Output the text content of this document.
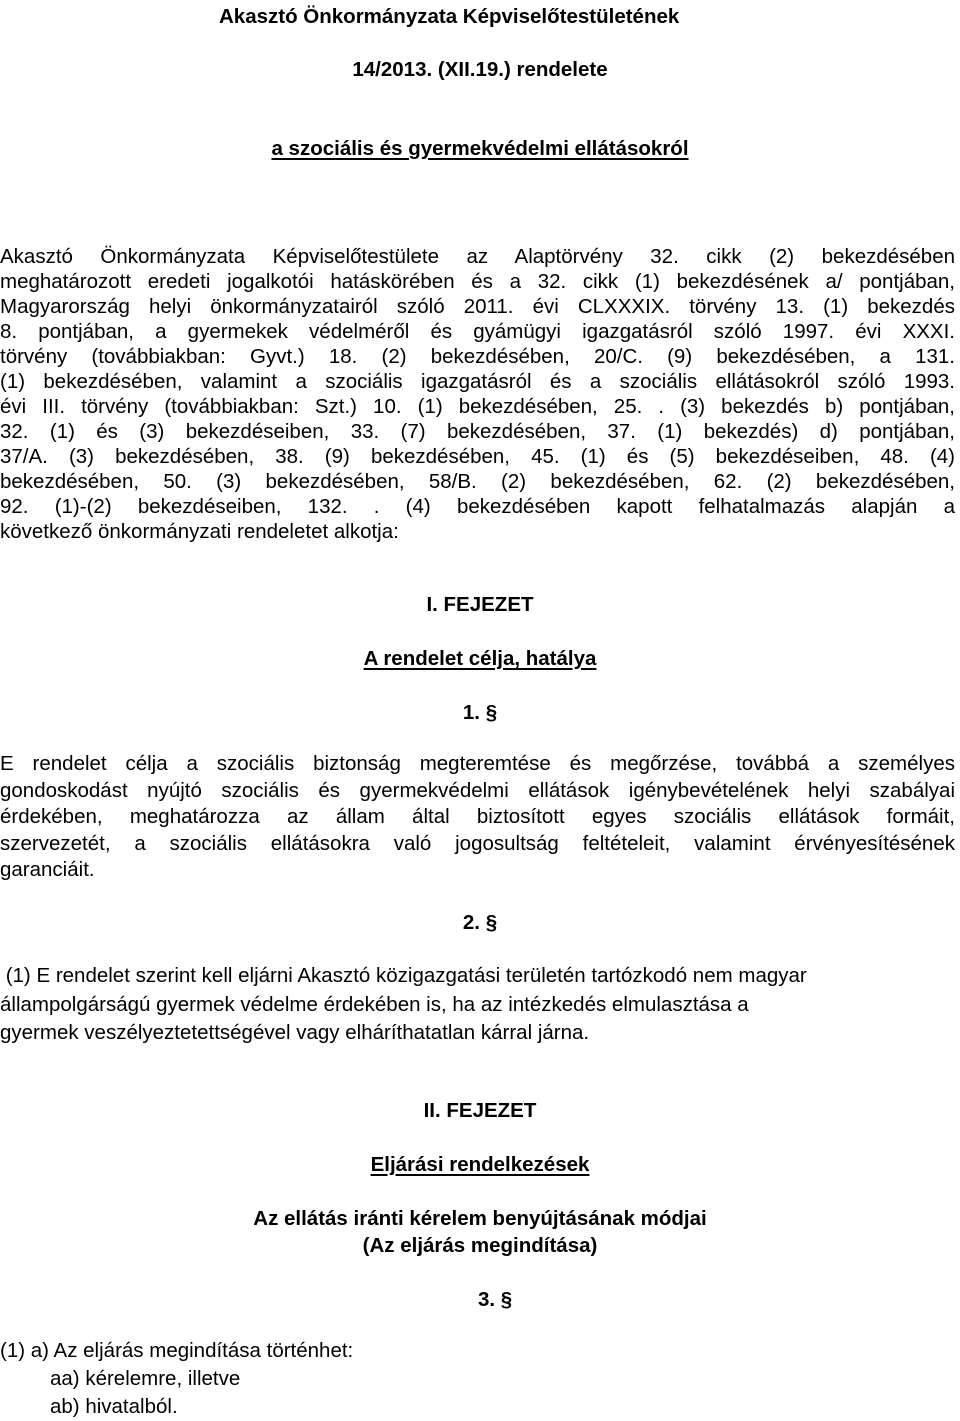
Akasztó Önkormányzata Képviselőtestületének
14/2013. (XII.19.) rendelete
a szociális és gyermekvédelmi ellátásokról
Akasztó Önkormányzata Képviselőtestülete az Alaptörvény 32. cikk (2) bekezdésében
meghatározott eredeti jogalkotói hatáskörében és a 32. cikk (1) bekezdésének a/ pontjában,
Magyarország helyi önkormányzatairól szóló 2011. évi CLXXXIX. törvény 13. (1) bekezdés
8. pontjában, a gyermekek védelméről és gyámügyi igazgatásról szóló 1997. évi XXXI.
törvény (továbbiakban: Gyvt.) 18. (2) bekezdésében, 20/C. (9) bekezdésében, a 131.
(1) bekezdésében, valamint a szociális igazgatásról és a szociális ellátásokról szóló 1993.
évi III. törvény (továbbiakban: Szt.) 10. (1) bekezdésében, 25. . (3) bekezdés b) pontjában,
32. (1) és (3) bekezdéseiben, 33. (7) bekezdésében, 37. (1) bekezdés) d) pontjában,
37/A. (3) bekezdésében, 38. (9) bekezdésében, 45. (1) és (5) bekezdéseiben, 48. (4)
bekezdésében, 50. (3) bekezdésében, 58/B. (2) bekezdésében, 62. (2) bekezdésében,
92. (1)-(2) bekezdéseiben, 132. . (4) bekezdésében kapott felhatalmazás alapján a
következő önkormányzati rendeletet alkotja:
I. FEJEZET
A rendelet célja, hatálya
1. §
E rendelet célja a szociális biztonság megteremtése és megőrzése, továbbá a személyes
gondoskodást nyújtó szociális és gyermekvédelmi ellátások igénybevételének helyi szabályai
érdekében, meghatározza az állam által biztosított egyes szociális ellátások formáit,
szervezetét, a szociális ellátásokra való jogosultság feltételeit, valamint érvényesítésének
garanciáit.
2. §
(1) E rendelet szerint kell eljárni Akasztó közigazgatási területén tartózkodó nem magyar
állampolgárságú gyermek védelme érdekében is, ha az intézkedés elmulasztása a
gyermek veszélyeztetettségével vagy elháríthatatlan kárral járna.
II. FEJEZET
Eljárási rendelkezések
Az ellátás iránti kérelem benyújtásának módjai
(Az eljárás megindítása)
3. §
(1) a) Az eljárás megindítása történhet:
aa) kérelemre, illetve
ab) hivatalból.
